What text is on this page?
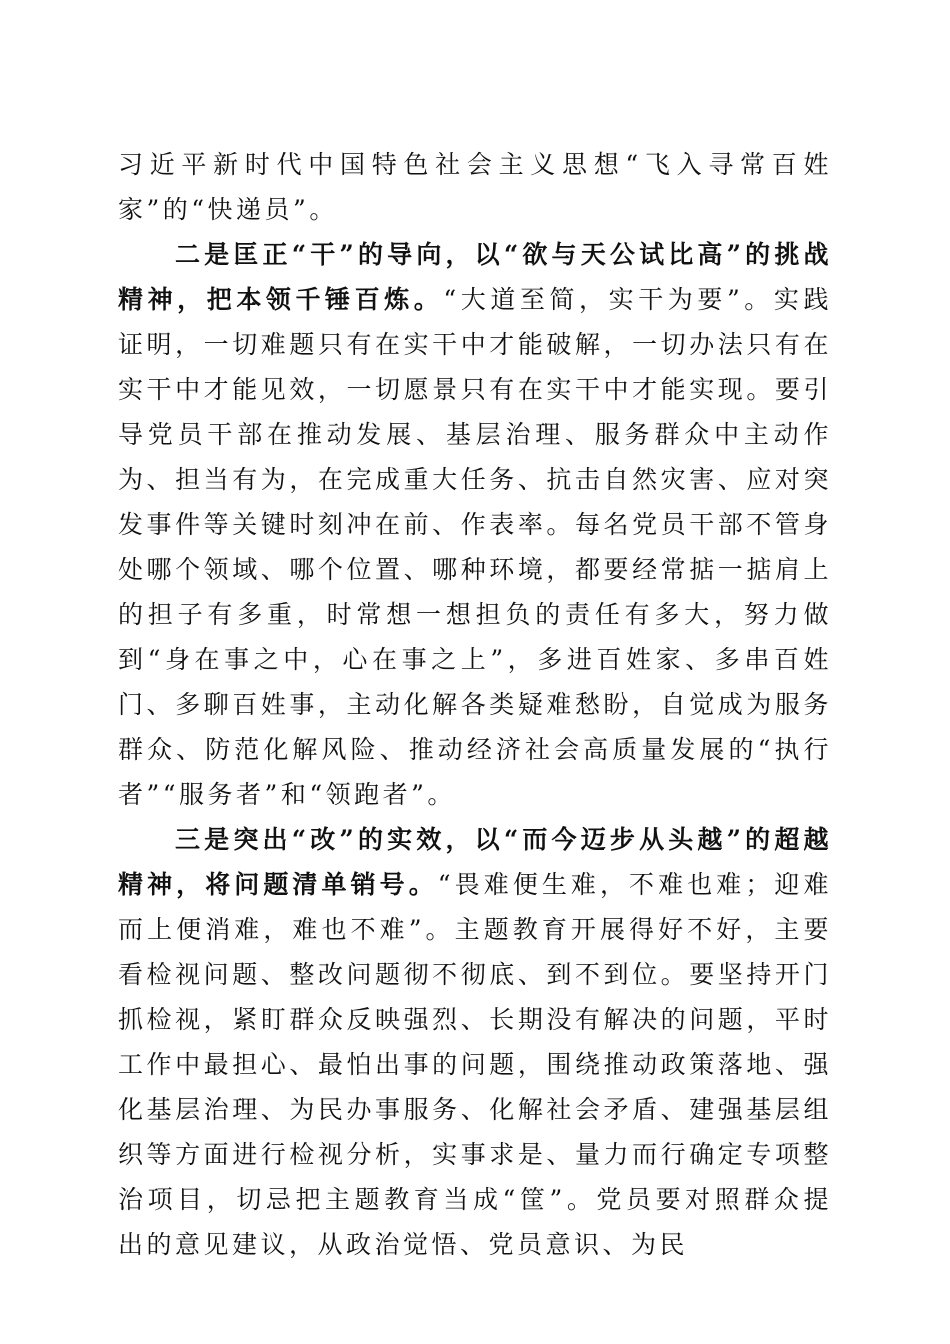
习近平新时代中国特色社会主义思想“飞入寻常百姓家”的“快递员”。

二是匡正“干”的导向，以“欲与天公试比高”的挑战精神，把本领千锤百炼。“大道至简，实干为要”。实践证明，一切难题只有在实干中才能破解，一切办法只有在实干中才能见效，一切愿景只有在实干中才能实现。要引导党员干部在推动发展、基层治理、服务群众中主动作为、担当有为，在完成重大任务、抗击自然灾害、应对突发事件等关键时刻冲在前、作表率。每名党员干部不管身处哪个领域、哪个位置、哪种环境，都要经常掂一掂肩上的担子有多重，时常想一想担负的责任有多大，努力做到“身在事之中，心在事之上”，多进百姓家、多串百姓门、多聊百姓事，主动化解各类疑难愁盼，自觉成为服务群众、防范化解风险、推动经济社会高质量发展的“执行者”“服务者”和“领跑者”。

三是突出“改”的实效，以“而今迈步从头越”的超越精神，将问题清单销号。“畏难便生难，不难也难；迎难而上便消难，难也不难”。主题教育开展得好不好，主要看检视问题、整改问题彻不彻底、到不到位。要坚持开门抓检视，紧盯群众反映强烈、长期没有解决的问题，平时工作中最担心、最怕出事的问题，围绕推动政策落地、强化基层治理、为民办事服务、化解社会矛盾、建强基层组织等方面进行检视分析，实事求是、量力而行确定专项整治项目，切忌把主题教育当成“筐”。党员要对照群众提出的意见建议，从政治觉悟、党员意识、为民
